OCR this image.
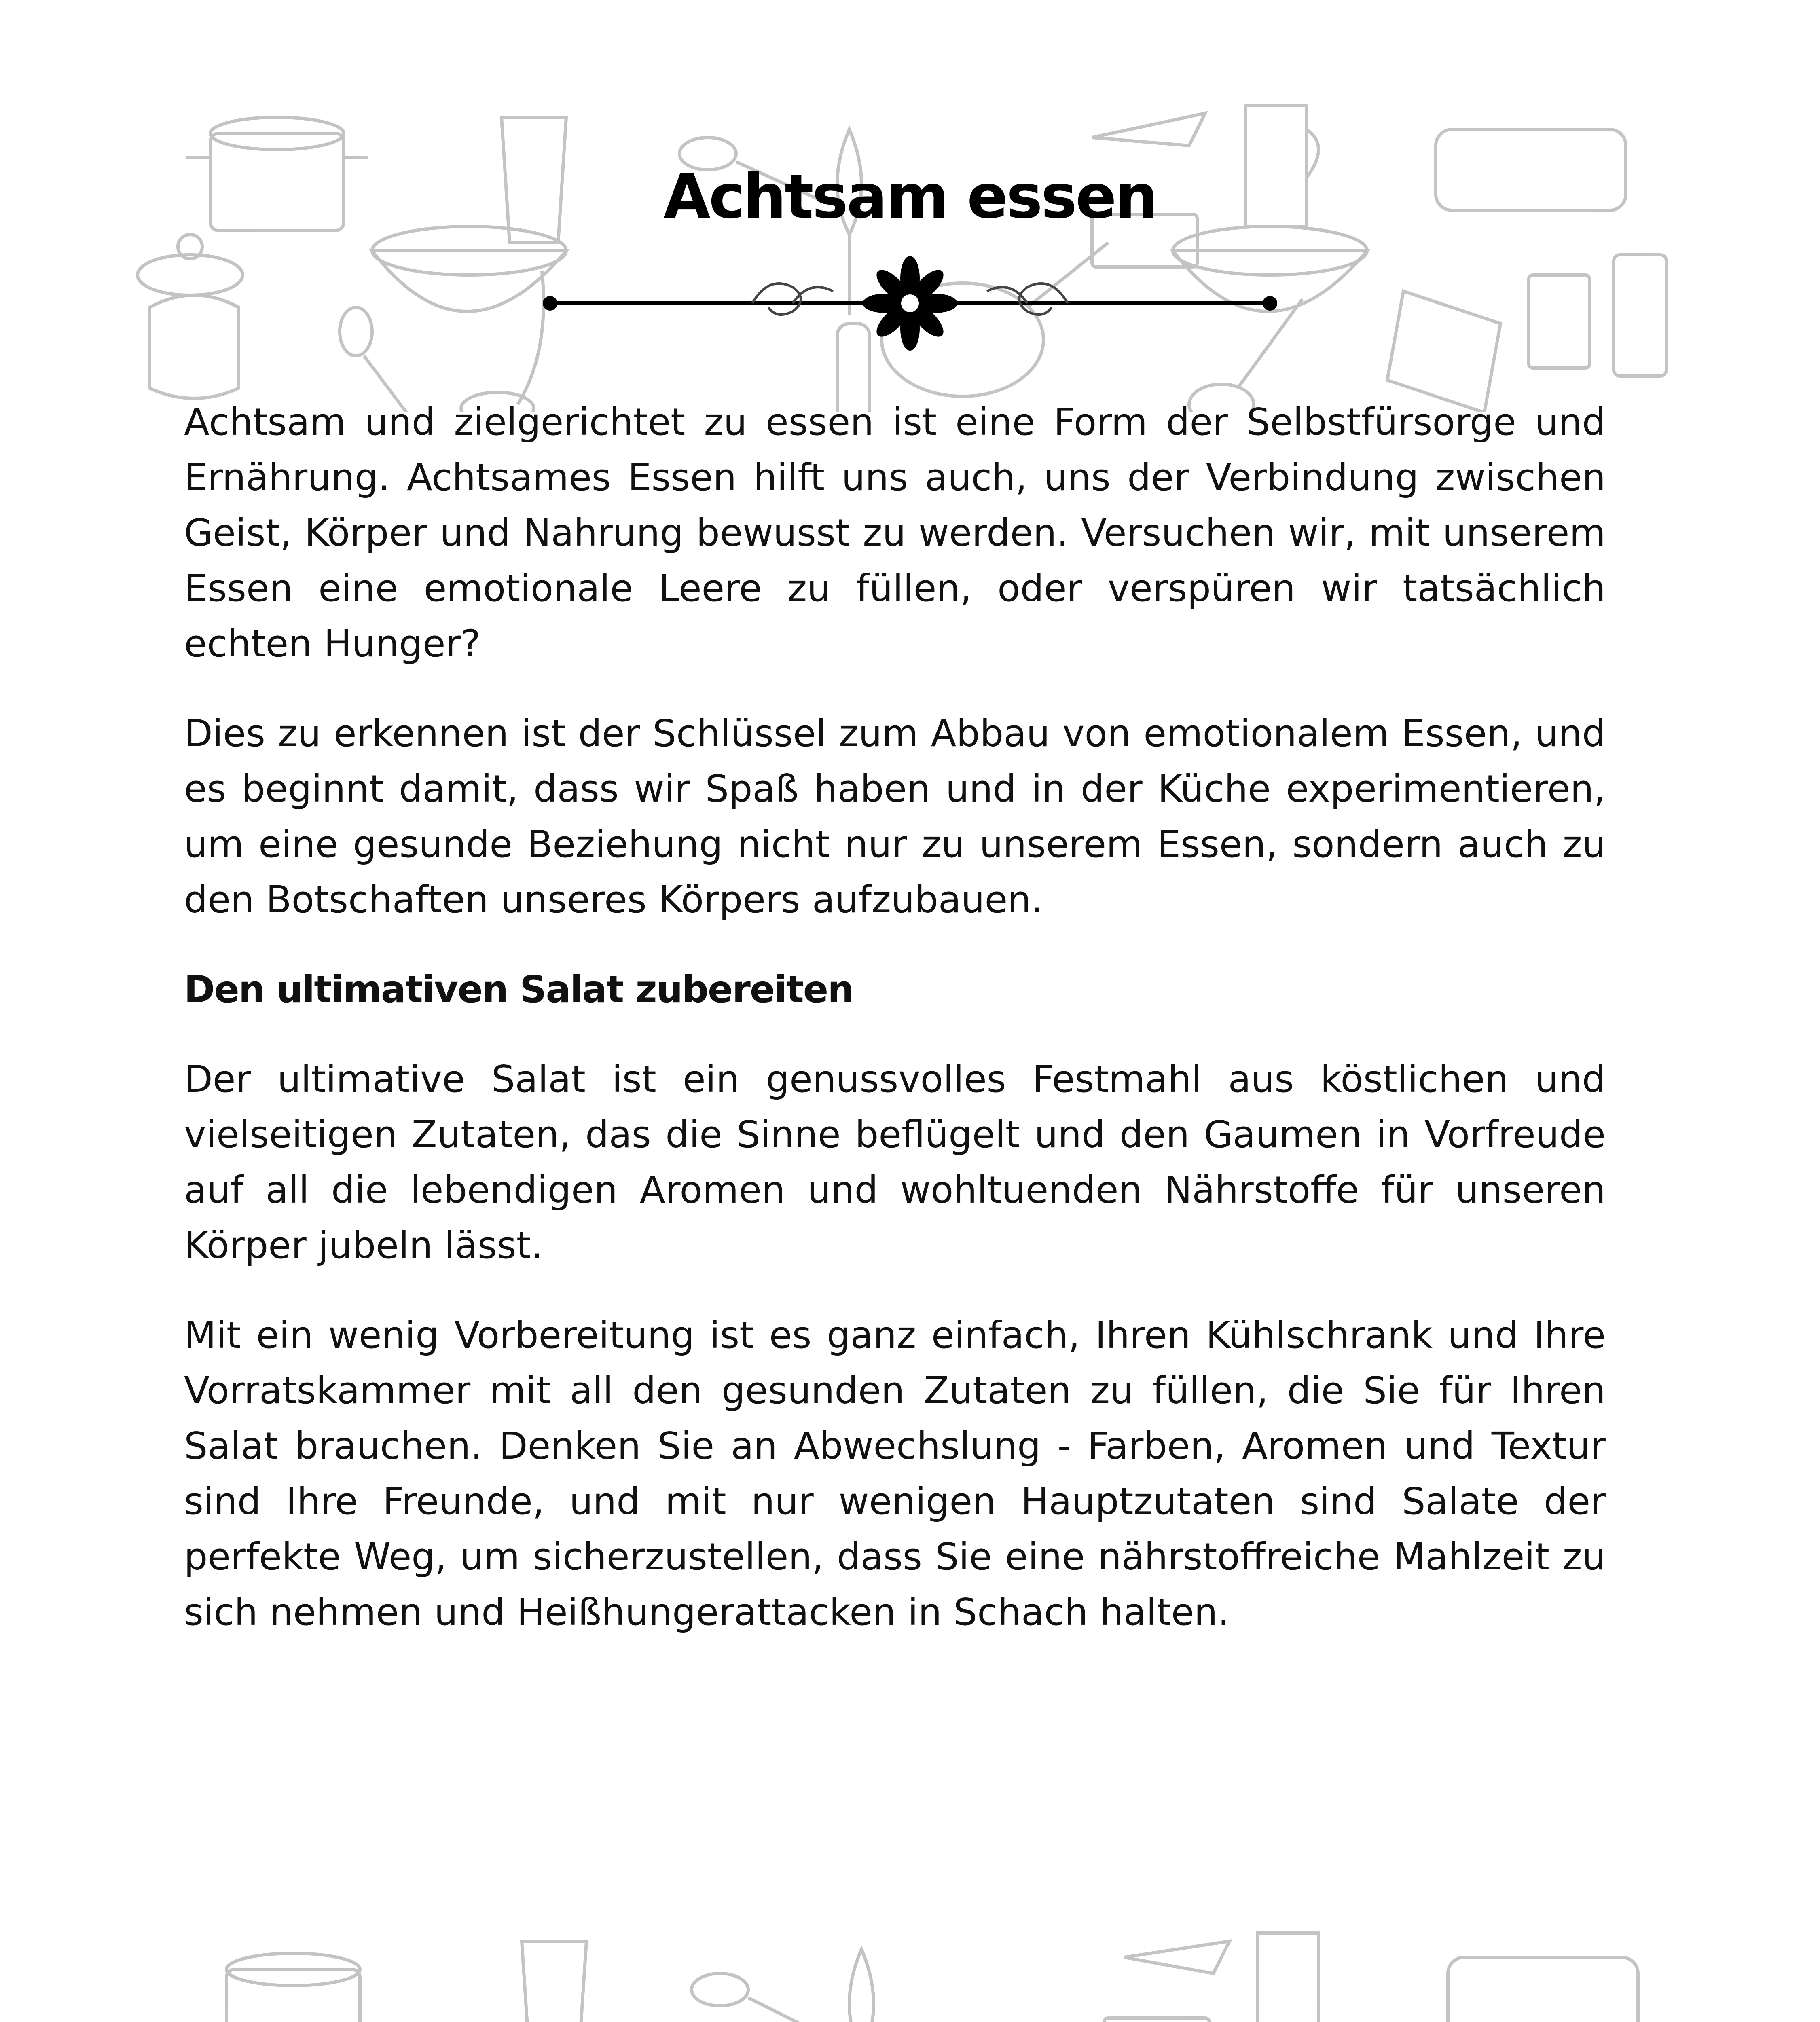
Achtsam essen

Achtsam und zielgerichtet zu essen ist eine Form der Selbstfürsorge und Ernährung. Achtsames Essen hilft uns auch, uns der Verbindung zwischen Geist, Körper und Nahrung bewusst zu werden. Versuchen wir, mit unserem Essen eine emotionale Leere zu füllen, oder verspüren wir tatsächlich echten Hunger?

Dies zu erkennen ist der Schlüssel zum Abbau von emotionalem Essen, und es beginnt damit, dass wir Spaß haben und in der Küche experimentieren, um eine gesunde Beziehung nicht nur zu unserem Essen, sondern auch zu den Botschaften unseres Körpers aufzubauen.

Den ultimativen Salat zubereiten

Der ultimative Salat ist ein genussvolles Festmahl aus köstlichen und vielseitigen Zutaten, das die Sinne beflügelt und den Gaumen in Vorfreude auf all die lebendigen Aromen und wohltuenden Nährstoffe für unseren Körper jubeln lässt.

Mit ein wenig Vorbereitung ist es ganz einfach, Ihren Kühlschrank und Ihre Vorratskammer mit all den gesunden Zutaten zu füllen, die Sie für Ihren Salat brauchen. Denken Sie an Abwechslung - Farben, Aromen und Textur sind Ihre Freunde, und mit nur wenigen Hauptzutaten sind Salate der perfekte Weg, um sicherzustellen, dass Sie eine nährstoffreiche Mahlzeit zu sich nehmen und Heißhungerattacken in Schach halten.
